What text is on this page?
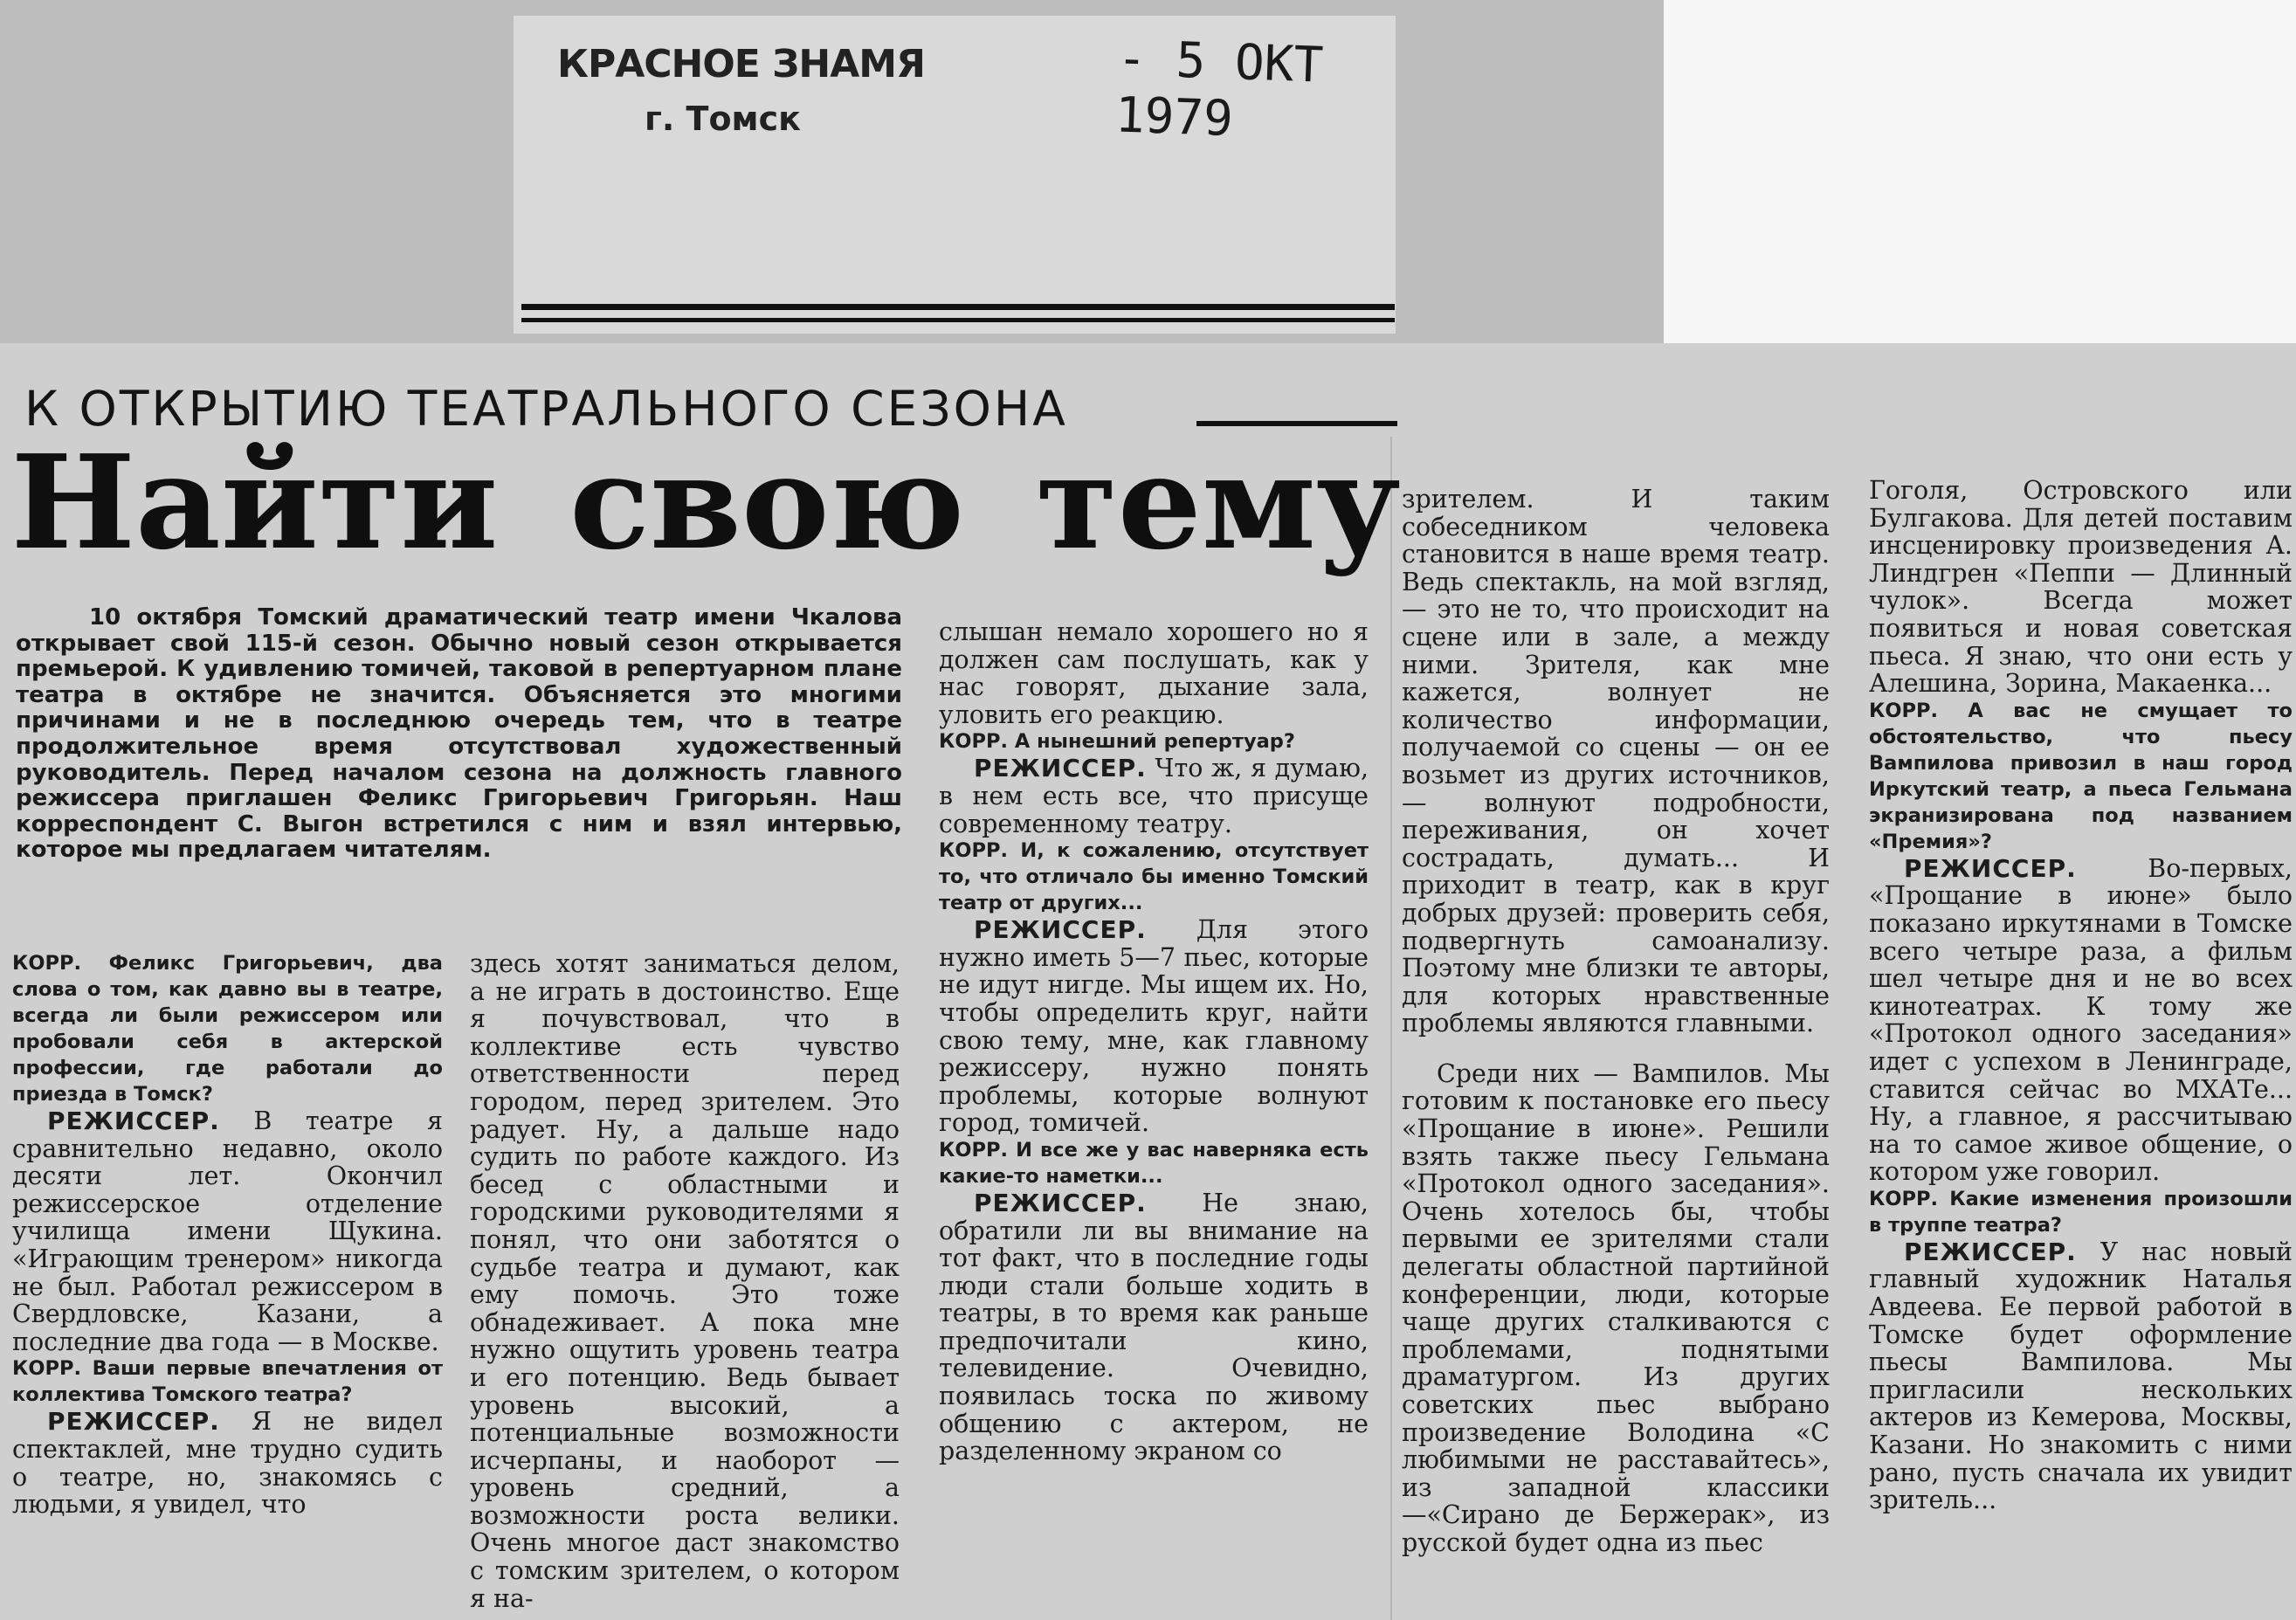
КРАСНОЕ ЗНАМЯ
г. Томск
- 5 ОКТ 1979
К ОТКРЫТИЮ ТЕАТРАЛЬНОГО СЕЗОНА
Найти свою тему
10 октября Томский драматический театр имени Чкалова открывает свой 115-й сезон. Обычно новый сезон открывается премьерой. К удивлению томичей, таковой в репертуарном плане театра в октябре не значится. Объясняется это многими причинами и не в последнюю очередь тем, что в театре продолжительное время отсутствовал художественный руководитель. Перед началом сезона на должность главного режиссера приглашен Феликс Григорьевич Григорьян. Наш корреспондент С. Выгон встретился с ним и взял интервью, которое мы предлагаем читателям.

КОРР. Феликс Григорьевич, два слова о том, как давно вы в театре, всегда ли были режиссером или пробовали себя в актерской профессии, где работали до приезда в Томск?

РЕЖИССЕР. В театре я сравнительно недавно, около десяти лет. Окончил режиссерское отделение училища имени Щукина. «Играющим тренером» никогда не был. Работал режиссером в Свердловске, Казани, а последние два года — в Москве.

КОРР. Ваши первые впечатления от коллектива Томского театра?

РЕЖИССЕР. Я не видел спектаклей, мне трудно судить о театре, но, знакомясь с людьми, я увидел, что

здесь хотят заниматься делом, а не играть в достоинство. Еще я почувствовал, что в коллективе есть чувство ответственности перед городом, перед зрителем. Это радует. Ну, а дальше надо судить по работе каждого. Из бесед с областными и городскими руководителями я понял, что они заботятся о судьбе театра и думают, как ему помочь. Это тоже обнадеживает. А пока мне нужно ощутить уровень театра и его потенцию. Ведь бывает уровень высокий, а потенциальные возможности исчерпаны, и наоборот — уровень средний, а возможности роста велики. Очень многое даст знакомство с томским зрителем, о котором я на-

слышан немало хорошего но я должен сам послушать, как у нас говорят, дыхание зала, уловить его реакцию.

КОРР. А нынешний репертуар?

РЕЖИССЕР. Что ж, я думаю, в нем есть все, что присуще современному театру.

КОРР. И, к сожалению, отсутствует то, что отличало бы именно Томский театр от других...

РЕЖИССЕР. Для этого нужно иметь 5—7 пьес, которые не идут нигде. Мы ищем их. Но, чтобы определить круг, найти свою тему, мне, как главному режиссеру, нужно понять проблемы, которые волнуют город, томичей.

КОРР. И все же у вас наверняка есть какие-то наметки...

РЕЖИССЕР. Не знаю, обратили ли вы внимание на тот факт, что в последние годы люди стали больше ходить в театры, в то время как раньше предпочитали кино, телевидение. Очевидно, появилась тоска по живому общению с актером, не разделенному экраном со

зрителем. И таким собеседником человека становится в наше время театр. Ведь спектакль, на мой взгляд, — это не то, что происходит на сцене или в зале, а между ними. Зрителя, как мне кажется, волнует не количество информации, получаемой со сцены — он ее возьмет из других источников, — волнуют подробности, переживания, он хочет сострадать, думать... И приходит в театр, как в круг добрых друзей: проверить себя, подвергнуть самоанализу. Поэтому мне близки те авторы, для которых нравственные проблемы являются главными.

Среди них — Вампилов. Мы готовим к постановке его пьесу «Прощание в июне». Решили взять также пьесу Гельмана «Протокол одного заседания». Очень хотелось бы, чтобы первыми ее зрителями стали делегаты областной партийной конференции, люди, которые чаще других сталкиваются с проблемами, поднятыми драматургом. Из других советских пьес выбрано произведение Володина «С любимыми не расставайтесь», из западной классики—«Сирано де Бержерак», из русской будет одна из пьес

Гоголя, Островского или Булгакова. Для детей поставим инсценировку произведения А. Линдгрен «Пеппи — Длинный чулок». Всегда может появиться и новая советская пьеса. Я знаю, что они есть у Алешина, Зорина, Макаенка...

КОРР. А вас не смущает то обстоятельство, что пьесу Вампилова привозил в наш город Иркутский театр, а пьеса Гельмана экранизирована под названием «Премия»?

РЕЖИССЕР. Во-первых, «Прощание в июне» было показано иркутянами в Томске всего четыре раза, а фильм шел четыре дня и не во всех кинотеатрах. К тому же «Протокол одного заседания» идет с успехом в Ленинграде, ставится сейчас во МХАТе... Ну, а главное, я рассчитываю на то самое живое общение, о котором уже говорил.

КОРР. Какие изменения произошли в труппе театра?

РЕЖИССЕР. У нас новый главный художник Наталья Авдеева. Ее первой работой в Томске будет оформление пьесы Вампилова. Мы пригласили нескольких актеров из Кемерова, Москвы, Казани. Но знакомить с ними рано, пусть сначала их увидит зритель...
